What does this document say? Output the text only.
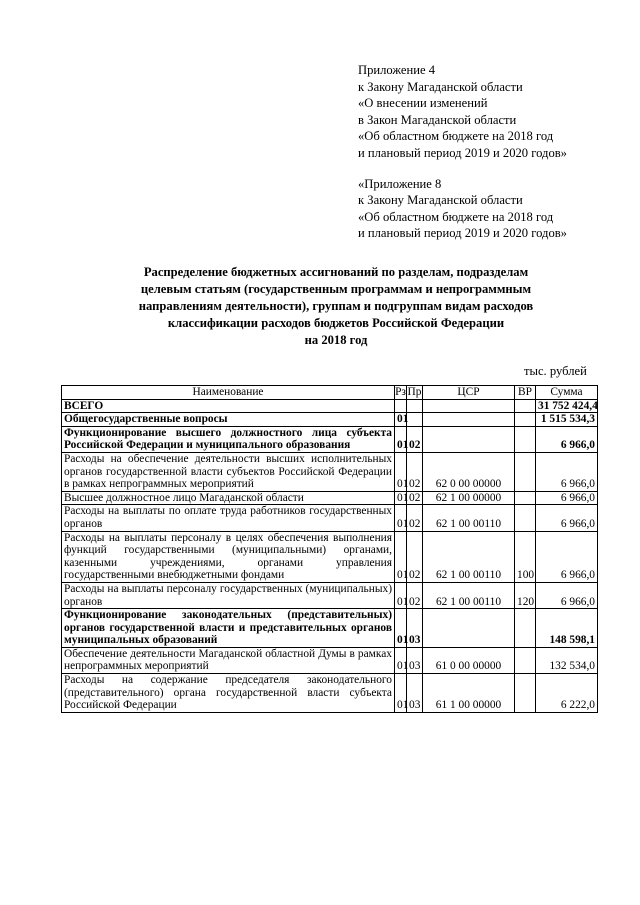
Приложение 4
к Закону Магаданской области
«О внесении изменений
в Закон Магаданской области
«Об областном бюджете на 2018 год
и плановый период 2019 и 2020 годов»
«Приложение 8
к Закону Магаданской области
«Об областном бюджете на 2018 год
и плановый период 2019 и 2020 годов»
Распределение бюджетных ассигнований по разделам, подразделам
целевым статьям (государственным программам и непрограммным
направлениям деятельности), группам и подгруппам видам расходов
классификации расходов бюджетов Российской Федерации
на 2018 год
тыс. рублей
Наименование	Рз	Пр	ЦСР	ВР	Сумма
ВСЕГО					31 752 424,4
Общегосударственные вопросы	01				1 515 534,3
Функционирование высшего должностного лица субъекта Российской Федерации и муниципального образования	01	02			6 966,0
Расходы на обеспечение деятельности высших исполнительных органов государственной власти субъектов Российской Федерации в рамках непрограммных мероприятий	01	02	62 0 00 00000		6 966,0
Высшее должностное лицо Магаданской области	01	02	62 1 00 00000		6 966,0
Расходы на выплаты по оплате труда работников государственных органов	01	02	62 1 00 00110		6 966,0
Расходы на выплаты персоналу в целях обеспечения выполнения функций государственными (муниципальными) органами, казенными учреждениями, органами управления государственными внебюджетными фондами	01	02	62 1 00 00110	100	6 966,0
Расходы на выплаты персоналу государственных (муниципальных) органов	01	02	62 1 00 00110	120	6 966,0
Функционирование законодательных (представительных) органов государственной власти и представительных органов муниципальных образований	01	03			148 598,1
Обеспечение деятельности Магаданской областной Думы в рамках непрограммных мероприятий	01	03	61 0 00 00000		132 534,0
Расходы на содержание председателя законодательного (представительного) органа государственной власти субъекта Российской Федерации	01	03	61 1 00 00000		6 222,0
